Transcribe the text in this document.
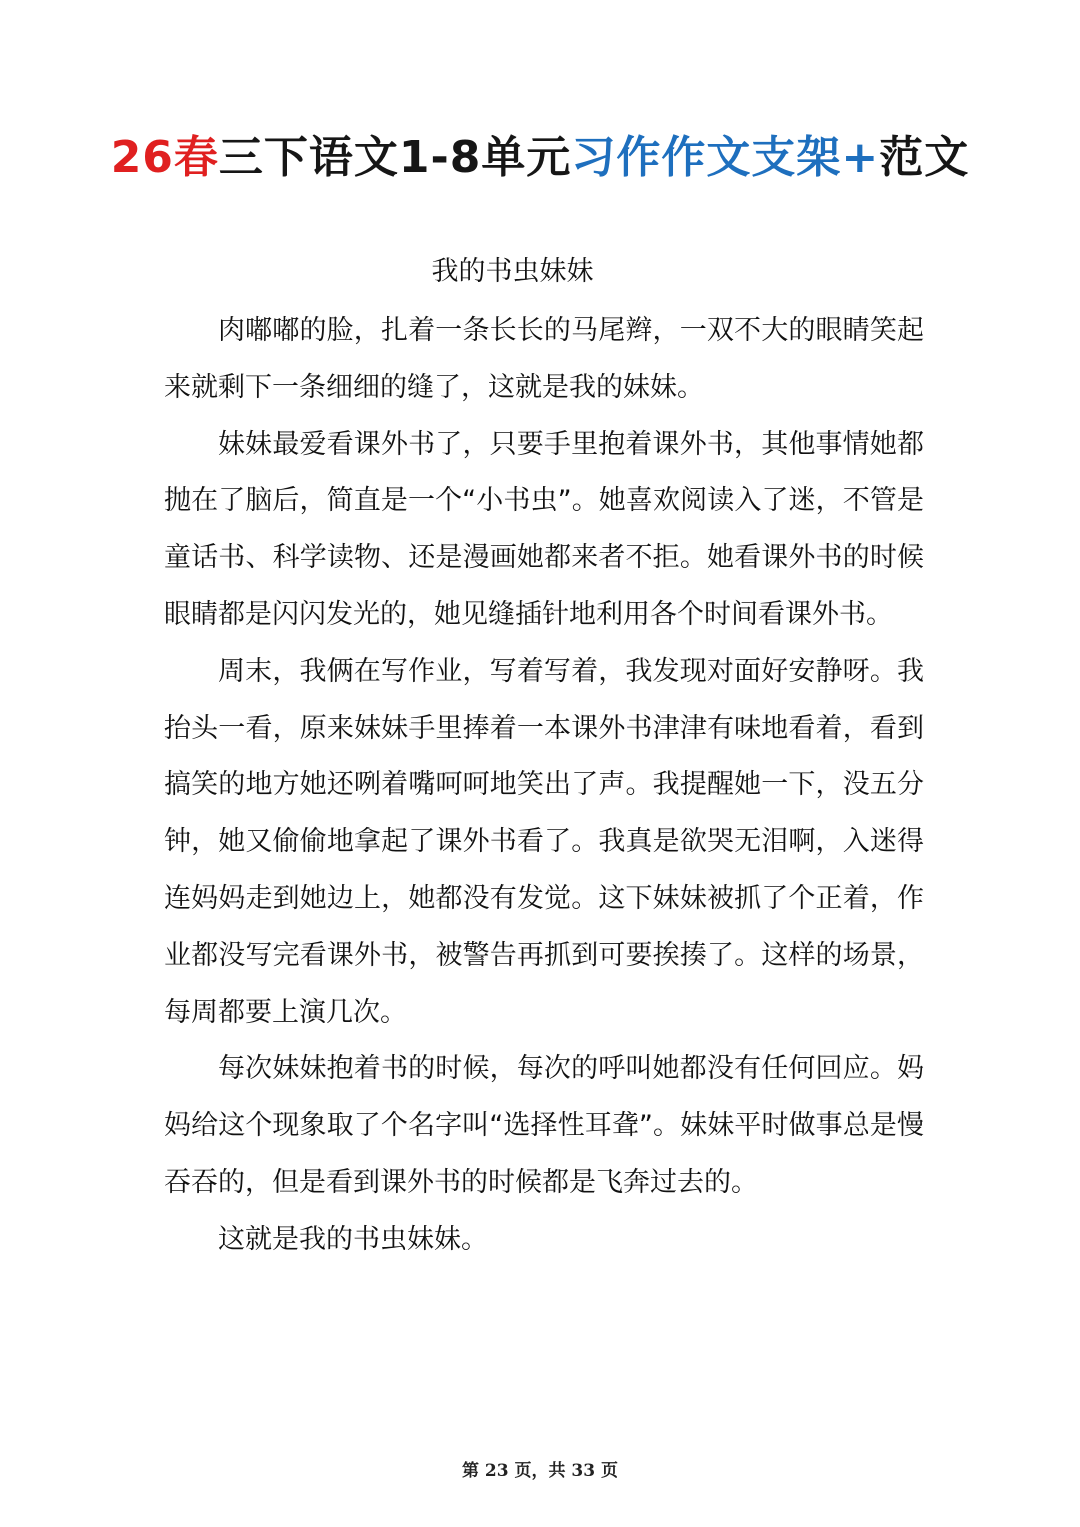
26春三下语文1-8单元习作作文支架+范文
我的书虫妹妹

肉嘟嘟的脸，扎着一条长长的马尾辫，一双不大的眼睛笑起来就剩下一条细细的缝了，这就是我的妹妹。

妹妹最爱看课外书了，只要手里抱着课外书，其他事情她都抛在了脑后，简直是一个“小书虫”。她喜欢阅读入了迷，不管是童话书、科学读物、还是漫画她都来者不拒。她看课外书的时候眼睛都是闪闪发光的，她见缝插针地利用各个时间看课外书。

周末，我俩在写作业，写着写着，我发现对面好安静呀。我抬头一看，原来妹妹手里捧着一本课外书津津有味地看着，看到搞笑的地方她还咧着嘴呵呵地笑出了声。我提醒她一下，没五分钟，她又偷偷地拿起了课外书看了。我真是欲哭无泪啊，入迷得连妈妈走到她边上，她都没有发觉。这下妹妹被抓了个正着，作业都没写完看课外书，被警告再抓到可要挨揍了。这样的场景，每周都要上演几次。

每次妹妹抱着书的时候，每次的呼叫她都没有任何回应。妈妈给这个现象取了个名字叫“选择性耳聋”。妹妹平时做事总是慢吞吞的，但是看到课外书的时候都是飞奔过去的。

这就是我的书虫妹妹。

第 23 页，共 33 页
